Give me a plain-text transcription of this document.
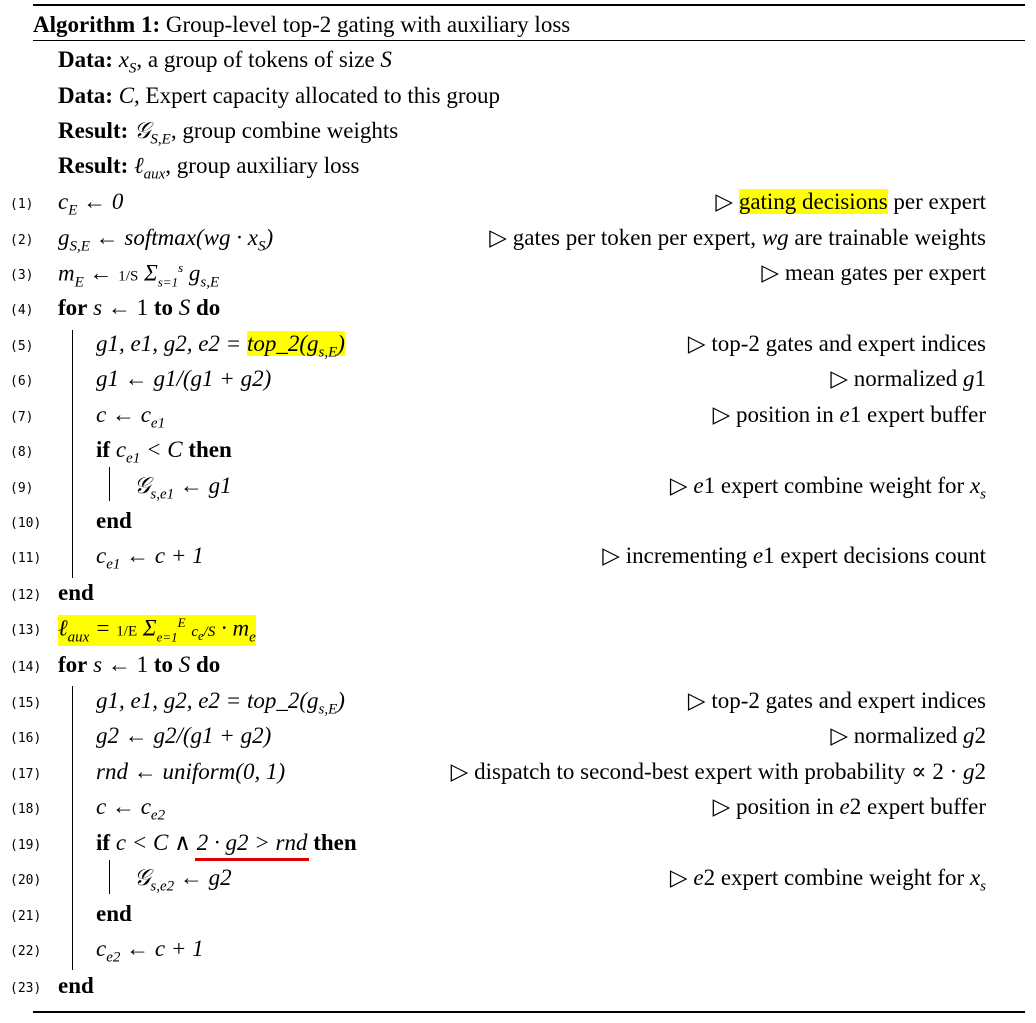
Algorithm 1: Group-level top-2 gating with auxiliary loss
Data: $x_S$, a group of tokens of size S
Data: C, Expert capacity allocated to this group
Result: 𝒢$_{S,E}$, group combine weights
Result: ℓ$_{aux}$, group auxiliary loss
(1)	$c_E$ ← 0	▷ gating decisions per expert
(2)	$g_{S,E}$ ← softmax(wg · $x_S$)	▷ gates per token per expert, wg are trainable weights
(3)	$m_E$ ← 1/S $\Sigma_{s=1}^s$ $g_{s,E}$	▷ mean gates per expert
(4)	for s ← 1 to S do
(5)	g1, e1, g2, $e2 = top\_2(g_{s,E})$	▷ top-2 gates and expert indices
(6)	g1 ← g1/(g1 + g2)	▷ normalized g1
(7)	c ← $c_{e1}$	▷ position in e1 expert buffer
(8)	if $c_{e1} < C$ then
(9)	𝒢$_{s,e1}$ ← g1	▷ e1 expert combine weight for $x_s$
(10)	end
(11)	$c_{e1}$ ← c + 1	▷ incrementing e1 expert decisions count
(12) end
(13) ℓ$_{aux}$ = 1/E $\Sigma_{e=1}^E$ $c_e/S \cdot m_e$
(14) for s ← 1 to S do
(15)	g1, e1, g2, $e2 = top\_2(g_{s,E})$	▷ top-2 gates and expert indices
(16)	g2 ← g2/(g1 + g2)	▷ normalized g2
(17)	rnd ← uniform(0, 1)	▷ dispatch to second-best expert with probability ∝ 2 · g2
(18)	c ← $c_{e2}$	▷ position in e2 expert buffer
(19)	if c < C ∧ 2 · g2 > rnd then
(20)	𝒢$_{s,e2}$ ← g2	▷ e2 expert combine weight for $x_s$
(21)	end
(22)	$c_{e2}$ ← c + 1
(23) end
